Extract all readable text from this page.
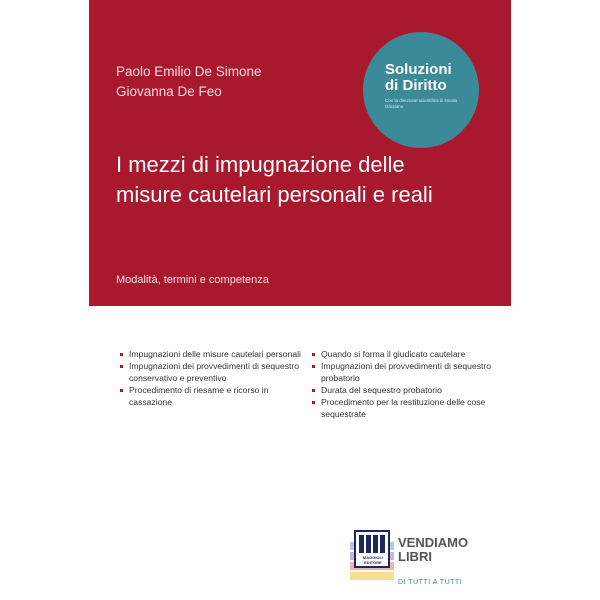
Paolo Emilio De Simone
Giovanna De Feo
Soluzioni di Diritto
Con la direzione scientifica di Nicola Graziano
I mezzi di impugnazione delle misure cautelari personali e reali
Modalità, termini e competenza
Impugnazioni delle misure cautelari personali
Impugnazioni dei provvedimenti di sequestro conservativo e preventivo
Procedimento di riesame e ricorso in cassazione
Quando si forma il giudicato cautelare
Impugnazioni dei provvedimenti di sequestro probatorio
Durata del sequestro probatorio
Procedimento per la restituzione delle cose sequestrate
MAGGIOLI EDITORE
VENDIAMO
LIBRI
DI TUTTI A TUTTI
